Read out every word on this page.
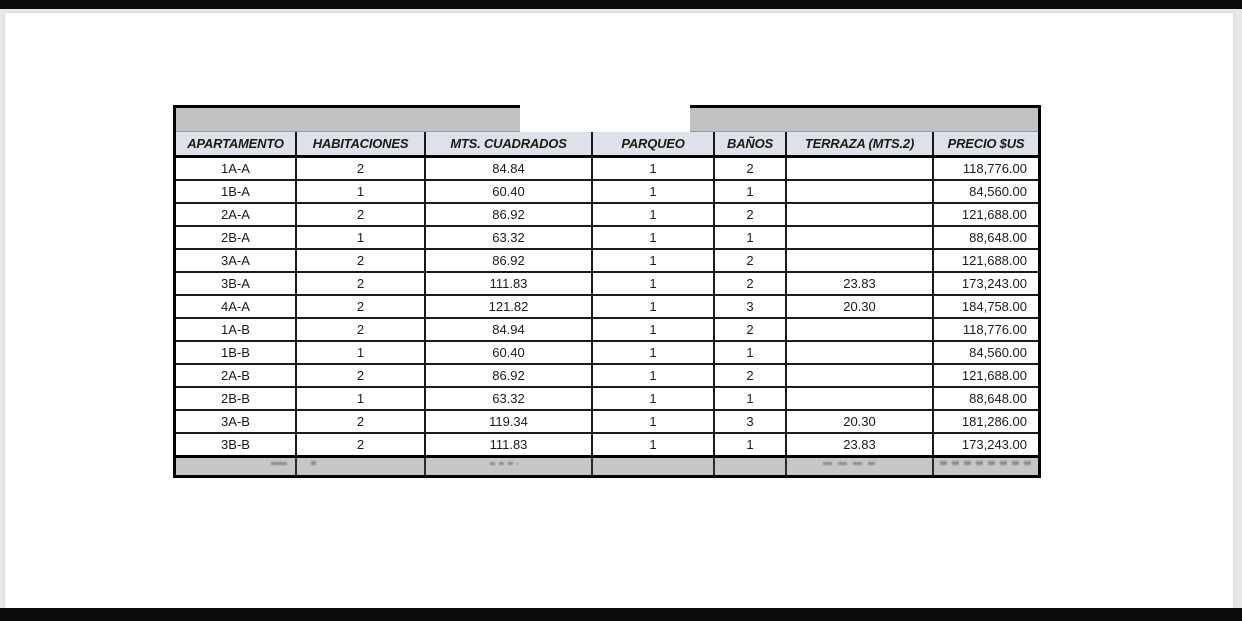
APARTAMENTO	HABITACIONES	MTS. CUADRADOS	PARQUEO	BAÑOS	TERRAZA (MTS.2)	PRECIO $US
1A-A	2	84.84	1	2		118,776.00
1B-A	1	60.40	1	1		84,560.00
2A-A	2	86.92	1	2		121,688.00
2B-A	1	63.32	1	1		88,648.00
3A-A	2	86.92	1	2		121,688.00
3B-A	2	111.83	1	2	23.83	173,243.00
4A-A	2	121.82	1	3	20.30	184,758.00
1A-B	2	84.94	1	2		118,776.00
1B-B	1	60.40	1	1		84,560.00
2A-B	2	86.92	1	2		121,688.00
2B-B	1	63.32	1	1		88,648.00
3A-B	2	119.34	1	3	20.30	181,286.00
3B-B	2	111.83	1	1	23.83	173,243.00
